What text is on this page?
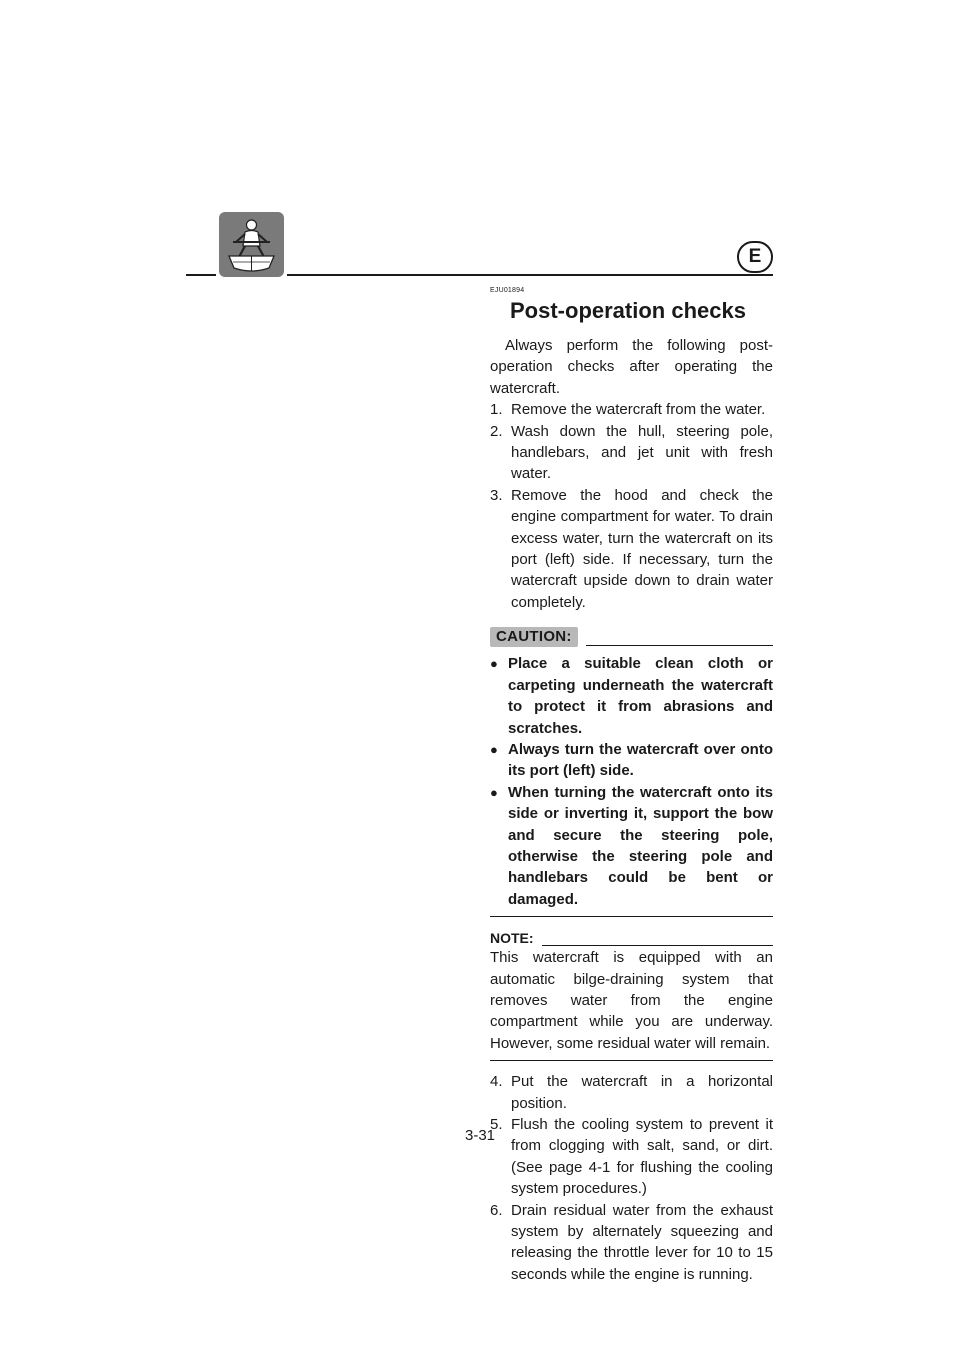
E
EJU01894
Post-operation checks

Always perform the following post-operation checks after operating the watercraft.

1. Remove the watercraft from the water.
2. Wash down the hull, steering pole, handlebars, and jet unit with fresh water.
3. Remove the hood and check the engine compartment for water. To drain excess water, turn the watercraft on its port (left) side. If necessary, turn the watercraft upside down to drain water completely.
CAUTION:
● Place a suitable clean cloth or carpeting underneath the watercraft to protect it from abrasions and scratches.
● Always turn the watercraft over onto its port (left) side.
● When turning the watercraft onto its side or inverting it, support the bow and secure the steering pole, otherwise the steering pole and handlebars could be bent or damaged.
NOTE:

This watercraft is equipped with an automatic bilge-draining system that removes water from the engine compartment while you are underway. However, some residual water will remain.

4. Put the watercraft in a horizontal position.
5. Flush the cooling system to prevent it from clogging with salt, sand, or dirt. (See page 4-1 for flushing the cooling system procedures.)
6. Drain residual water from the exhaust system by alternately squeezing and releasing the throttle lever for 10 to 15 seconds while the engine is running.
3-31
